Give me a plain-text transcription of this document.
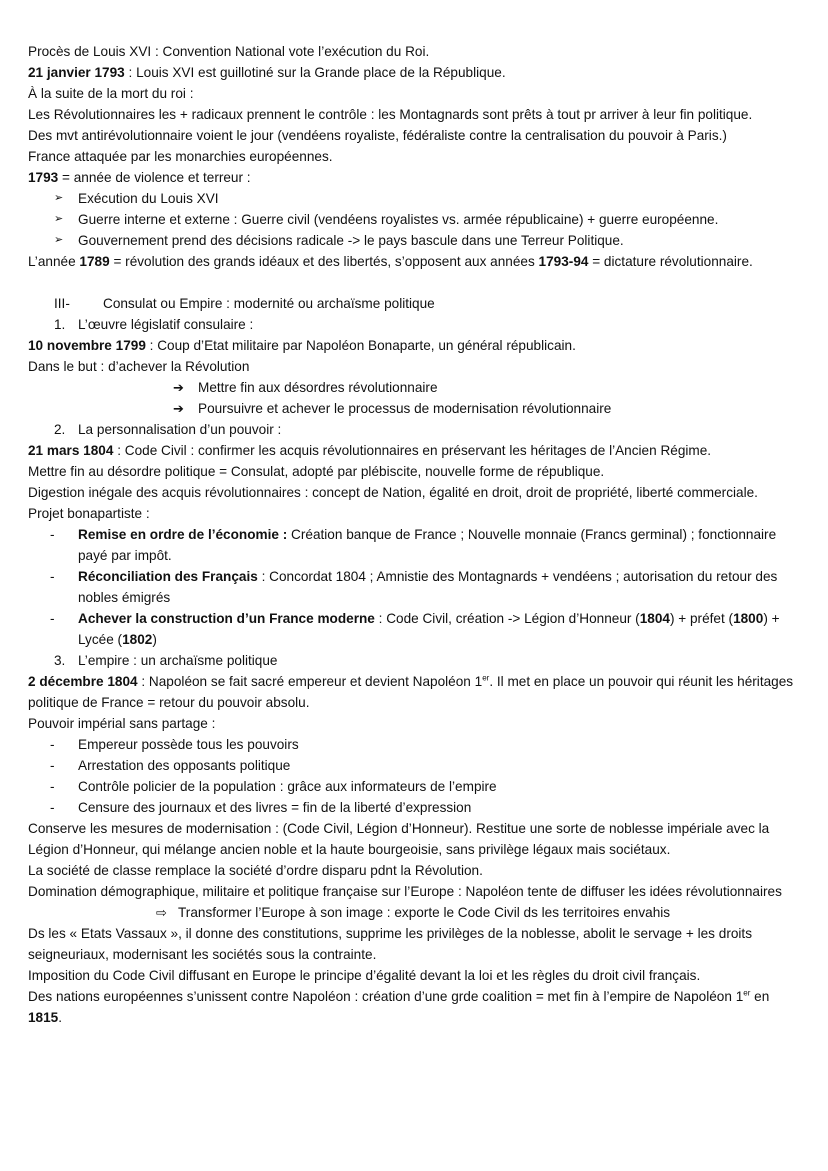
Procès de Louis XVI : Convention National vote l’exécution du Roi.
21 janvier 1793 : Louis XVI est guillotiné sur la Grande place de la République.
À la suite de la mort du roi :
Les Révolutionnaires les + radicaux prennent le contrôle : les Montagnards sont prêts à tout pr arriver à leur fin politique.
Des mvt antirévolutionnaire voient le jour (vendéens royaliste, fédéraliste contre la centralisation du pouvoir à Paris.)
France attaquée par les monarchies européennes.
1793 = année de violence et terreur :
➢ Exécution du Louis XVI
➢ Guerre interne et externe : Guerre civil (vendéens royalistes vs. armée républicaine) + guerre européenne.
➢ Gouvernement prend des décisions radicale -> le pays bascule dans une Terreur Politique.
L’année 1789 = révolution des grands idéaux et des libertés, s’opposent aux années 1793-94 = dictature révolutionnaire.
III- Consulat ou Empire : modernité ou archaïsme politique
1. L’œuvre législatif consulaire :
10 novembre 1799 : Coup d’Etat militaire par Napoléon Bonaparte, un général républicain.
Dans le but : d’achever la Révolution
➔ Mettre fin aux désordres révolutionnaire
➔ Poursuivre et achever le processus de modernisation révolutionnaire
2. La personnalisation d’un pouvoir :
21 mars 1804 : Code Civil : confirmer les acquis révolutionnaires en préservant les héritages de l’Ancien Régime.
Mettre fin au désordre politique = Consulat, adopté par plébiscite, nouvelle forme de république.
Digestion inégale des acquis révolutionnaires : concept de Nation, égalité en droit, droit de propriété, liberté commerciale.
Projet bonapartiste :
- Remise en ordre de l’économie : Création banque de France ; Nouvelle monnaie (Francs germinal) ; fonctionnaire payé par impôt.
- Réconciliation des Français : Concordat 1804 ; Amnistie des Montagnards + vendéens ; autorisation du retour des nobles émigrés
- Achever la construction d’un France moderne : Code Civil, création -> Légion d’Honneur (1804) + préfet (1800) + Lycée (1802)
3. L’empire : un archaïsme politique
2 décembre 1804 : Napoléon se fait sacré empereur et devient Napoléon 1er. Il met en place un pouvoir qui réunit les héritages politique de France = retour du pouvoir absolu.
Pouvoir impérial sans partage :
- Empereur possède tous les pouvoirs
- Arrestation des opposants politique
- Contrôle policier de la population : grâce aux informateurs de l’empire
- Censure des journaux et des livres = fin de la liberté d’expression
Conserve les mesures de modernisation : (Code Civil, Légion d’Honneur). Restitue une sorte de noblesse impériale avec la Légion d’Honneur, qui mélange ancien noble et la haute bourgeoisie, sans privilège légaux mais sociétaux.
La société de classe remplace la société d’ordre disparu pdnt la Révolution.
Domination démographique, militaire et politique française sur l’Europe : Napoléon tente de diffuser les idées révolutionnaires
⇨ Transformer l’Europe à son image : exporte le Code Civil ds les territoires envahis
Ds les « Etats Vassaux », il donne des constitutions, supprime les privilèges de la noblesse, abolit le servage + les droits seigneuriaux, modernisant les sociétés sous la contrainte.
Imposition du Code Civil diffusant en Europe le principe d’égalité devant la loi et les règles du droit civil français.
Des nations européennes s’unissent contre Napoléon : création d’une grde coalition = met fin à l’empire de Napoléon 1er en 1815.
